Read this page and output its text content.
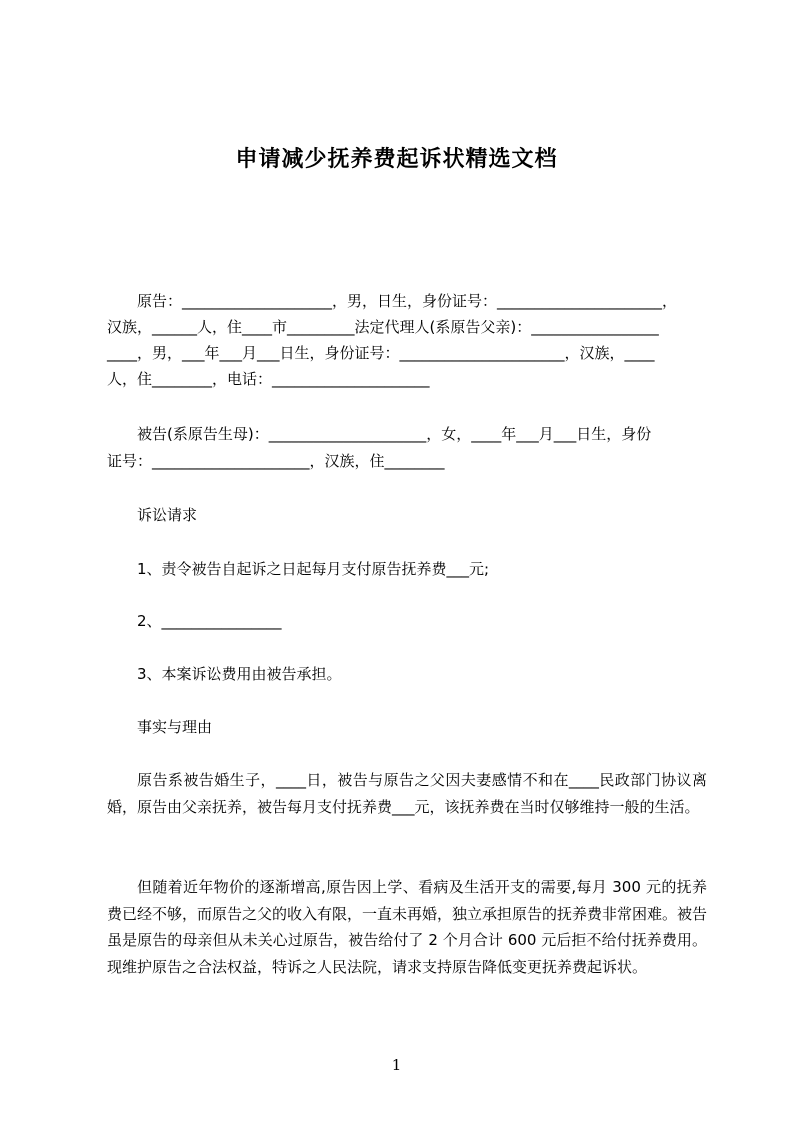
申请减少抚养费起诉状精选文档
原告：____________________，男，日生，身份证号：______________________，
汉族，______人，住____市_________法定代理人(系原告父亲)：_________________
____，男，___年___月___日生，身份证号：______________________，汉族，____
人，住________，电话：_____________________
被告(系原告生母)：_____________________，女，____年___月___日生，身份
证号：_____________________，汉族，住________
诉讼请求
1、责令被告自起诉之日起每月支付原告抚养费___元;
2、________________
3、本案诉讼费用由被告承担。
事实与理由
原告系被告婚生子，____日，被告与原告之父因夫妻感情不和在____民政部门协议离婚，原告由父亲抚养，被告每月支付抚养费___元，该抚养费在当时仅够维持一般的生活。
但随着近年物价的逐渐增高,原告因上学、看病及生活开支的需要,每月 300 元的抚养费已经不够，而原告之父的收入有限，一直未再婚，独立承担原告的抚养费非常困难。被告虽是原告的母亲但从未关心过原告，被告给付了 2 个月合计 600 元后拒不给付抚养费用。现维护原告之合法权益，特诉之人民法院，请求支持原告降低变更抚养费起诉状。
1
